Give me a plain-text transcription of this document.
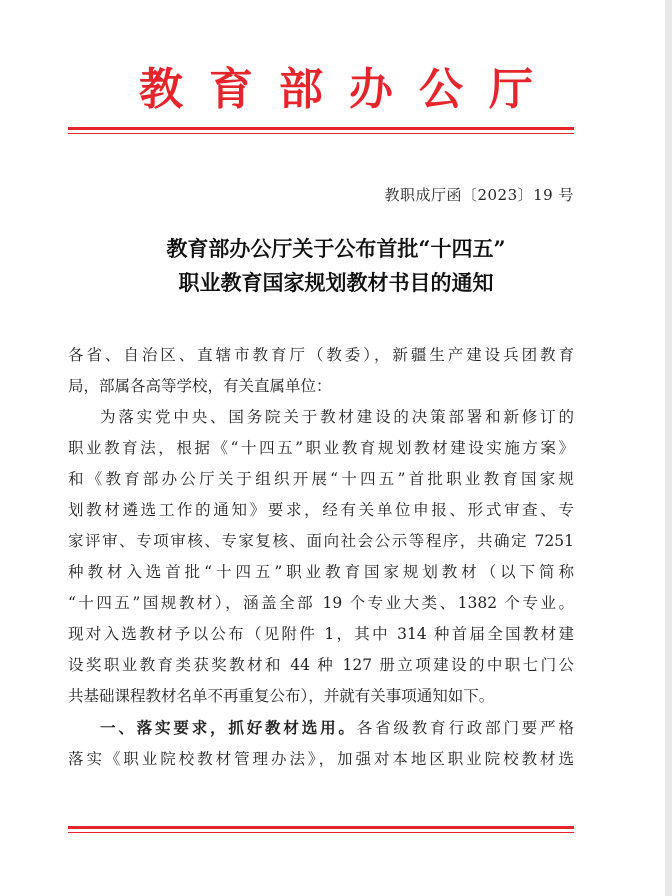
教育部办公厅
教职成厅函〔2023〕19 号
教育部办公厅关于公布首批“十四五”
职业教育国家规划教材书目的通知
各省、自治区、直辖市教育厅（教委），新疆生产建设兵团教育
局，部属各高等学校，有关直属单位：
为落实党中央、国务院关于教材建设的决策部署和新修订的
职业教育法，根据《“十四五”职业教育规划教材建设实施方案》
和《教育部办公厅关于组织开展“十四五”首批职业教育国家规
划教材遴选工作的通知》要求，经有关单位申报、形式审查、专
家评审、专项审核、专家复核、面向社会公示等程序，共确定 7251
种教材入选首批“十四五”职业教育国家规划教材（以下简称
“十四五”国规教材），涵盖全部 19 个专业大类、1382 个专业。
现对入选教材予以公布（见附件 1，其中 314 种首届全国教材建
设奖职业教育类获奖教材和 44 种 127 册立项建设的中职七门公
共基础课程教材名单不再重复公布），并就有关事项通知如下。
一、落实要求，抓好教材选用。各省级教育行政部门要严格
落实《职业院校教材管理办法》，加强对本地区职业院校教材选
